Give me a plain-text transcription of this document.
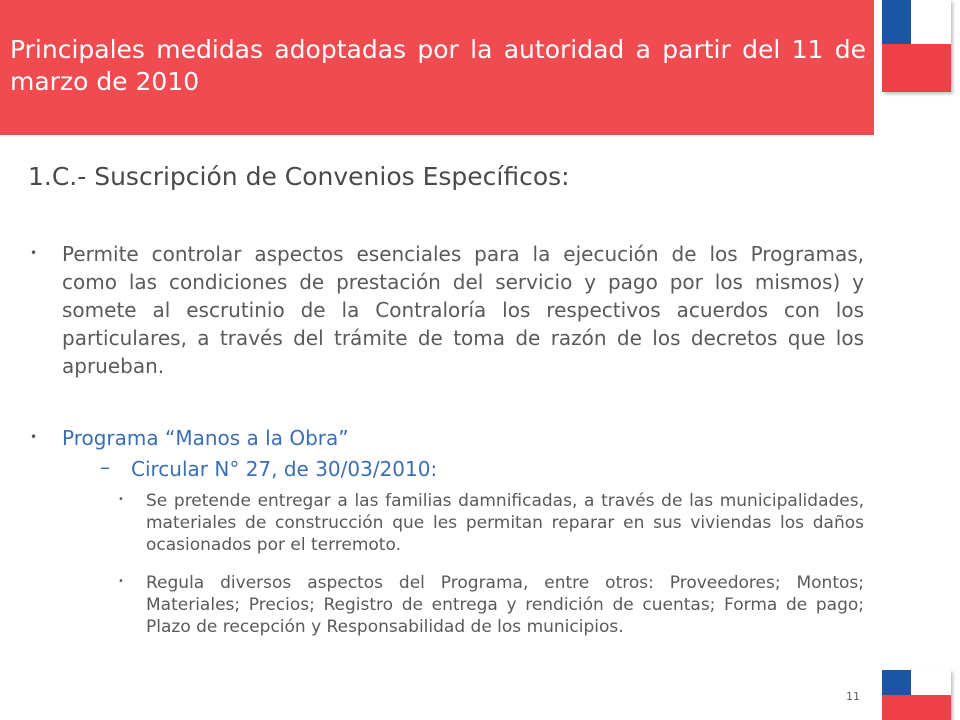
Principales medidas adoptadas por la autoridad a partir del 11 de marzo de 2010
1.C.- Suscripción de Convenios Específicos:
• Permite controlar aspectos esenciales para la ejecución de los Programas, como las condiciones de prestación del servicio y pago por los mismos) y somete al escrutinio de la Contraloría los respectivos acuerdos con los particulares, a través del trámite de toma de razón de los decretos que los aprueban.
• Programa “Manos a la Obra”
– Circular N° 27, de 30/03/2010:
• Se pretende entregar a las familias damnificadas, a través de las municipalidades, materiales de construcción que les permitan reparar en sus viviendas los daños ocasionados por el terremoto.
• Regula diversos aspectos del Programa, entre otros: Proveedores; Montos; Materiales; Precios; Registro de entrega y rendición de cuentas; Forma de pago; Plazo de recepción y Responsabilidad de los municipios.
11
